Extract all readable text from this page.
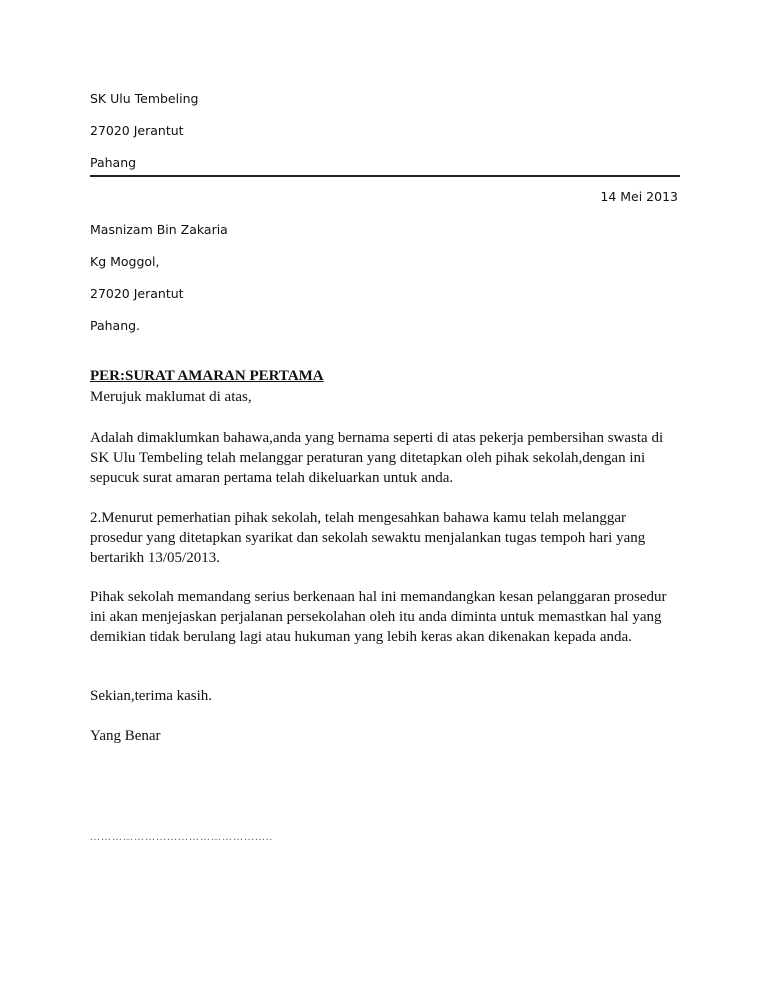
SK Ulu Tembeling
27020 Jerantut
Pahang
14 Mei 2013
Masnizam Bin Zakaria
Kg Moggol,
27020 Jerantut
Pahang.
PER:SURAT AMARAN PERTAMA
Merujuk maklumat di atas,
Adalah dimaklumkan bahawa,anda yang bernama seperti di atas pekerja pembersihan swasta di SK Ulu Tembeling telah melanggar peraturan yang ditetapkan oleh pihak sekolah,dengan ini sepucuk surat amaran pertama telah dikeluarkan untuk anda.
2.Menurut pemerhatian pihak sekolah, telah mengesahkan bahawa kamu telah melanggar prosedur yang ditetapkan syarikat dan sekolah sewaktu menjalankan tugas tempoh hari yang bertarikh 13/05/2013.
Pihak sekolah memandang serius berkenaan hal ini memandangkan kesan pelanggaran prosedur ini akan menjejaskan perjalanan persekolahan oleh itu anda diminta untuk memastkan hal yang demikian tidak berulang lagi atau hukuman yang lebih keras akan dikenakan kepada anda.
Sekian,terima kasih.
Yang Benar
…………………………………………..
